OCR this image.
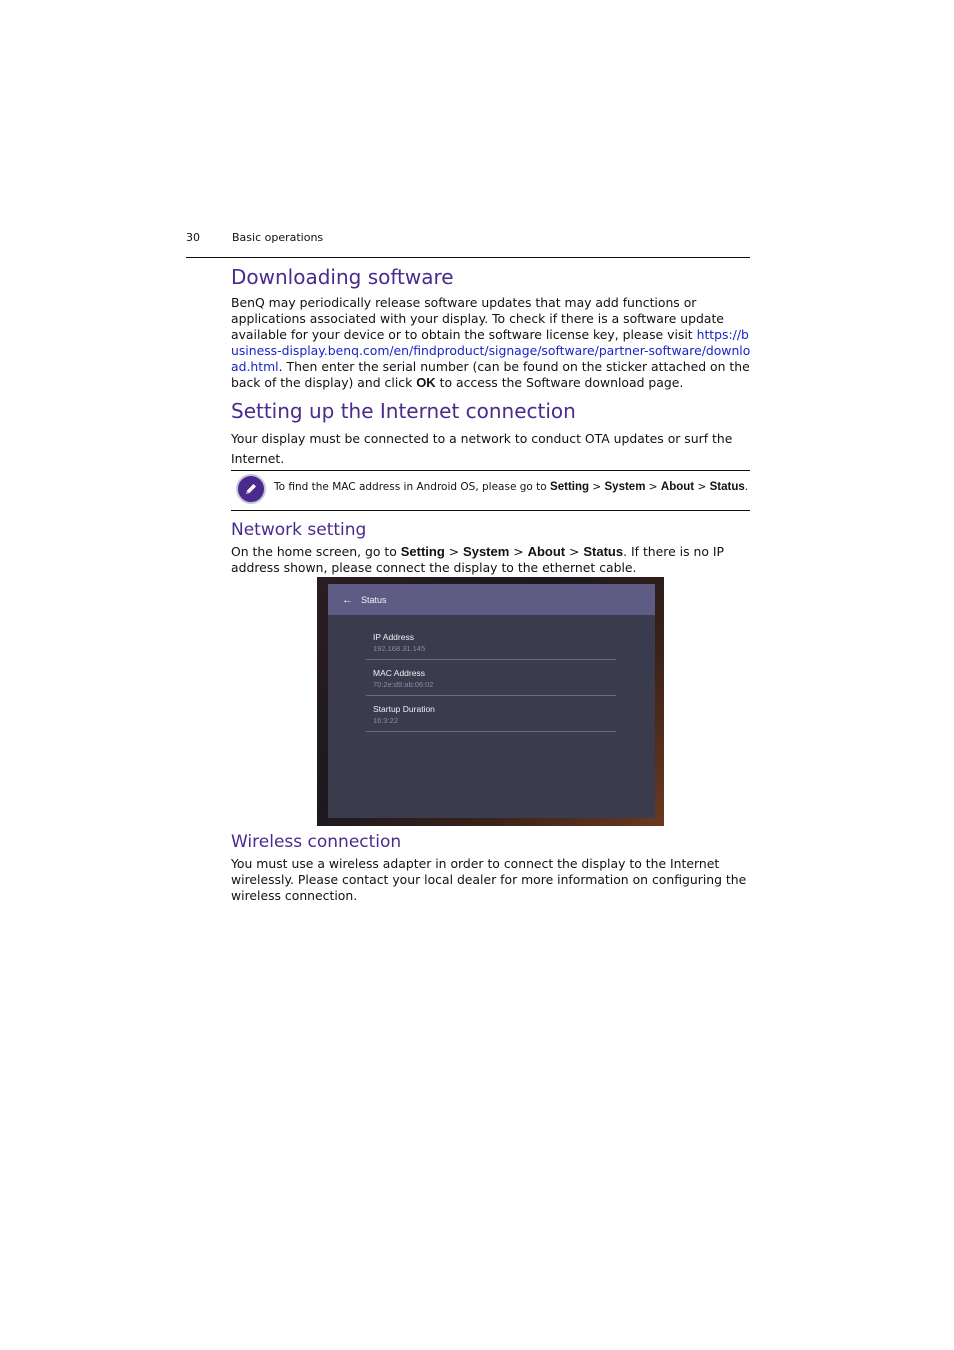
30	Basic operations
Downloading software

BenQ may periodically release software updates that may add functions or applications associated with your display. To check if there is a software update available for your device or to obtain the software license key, please visit https://business-display.benq.com/en/findproduct/signage/software/partner-software/download.html. Then enter the serial number (can be found on the sticker attached on the back of the display) and click OK to access the Software download page.

Setting up the Internet connection

Your display must be connected to a network to conduct OTA updates or surf the Internet.

To find the MAC address in Android OS, please go to Setting > System > About > Status.
Network setting

On the home screen, go to Setting > System > About > Status. If there is no IP address shown, please connect the display to the ethernet cable.

← Status
IP Address
192.168.31.145
MAC Address
70:2e:d9:ab:06:02
Startup Duration
16:3:22
Wireless connection

You must use a wireless adapter in order to connect the display to the Internet wirelessly. Please contact your local dealer for more information on configuring the wireless connection.
